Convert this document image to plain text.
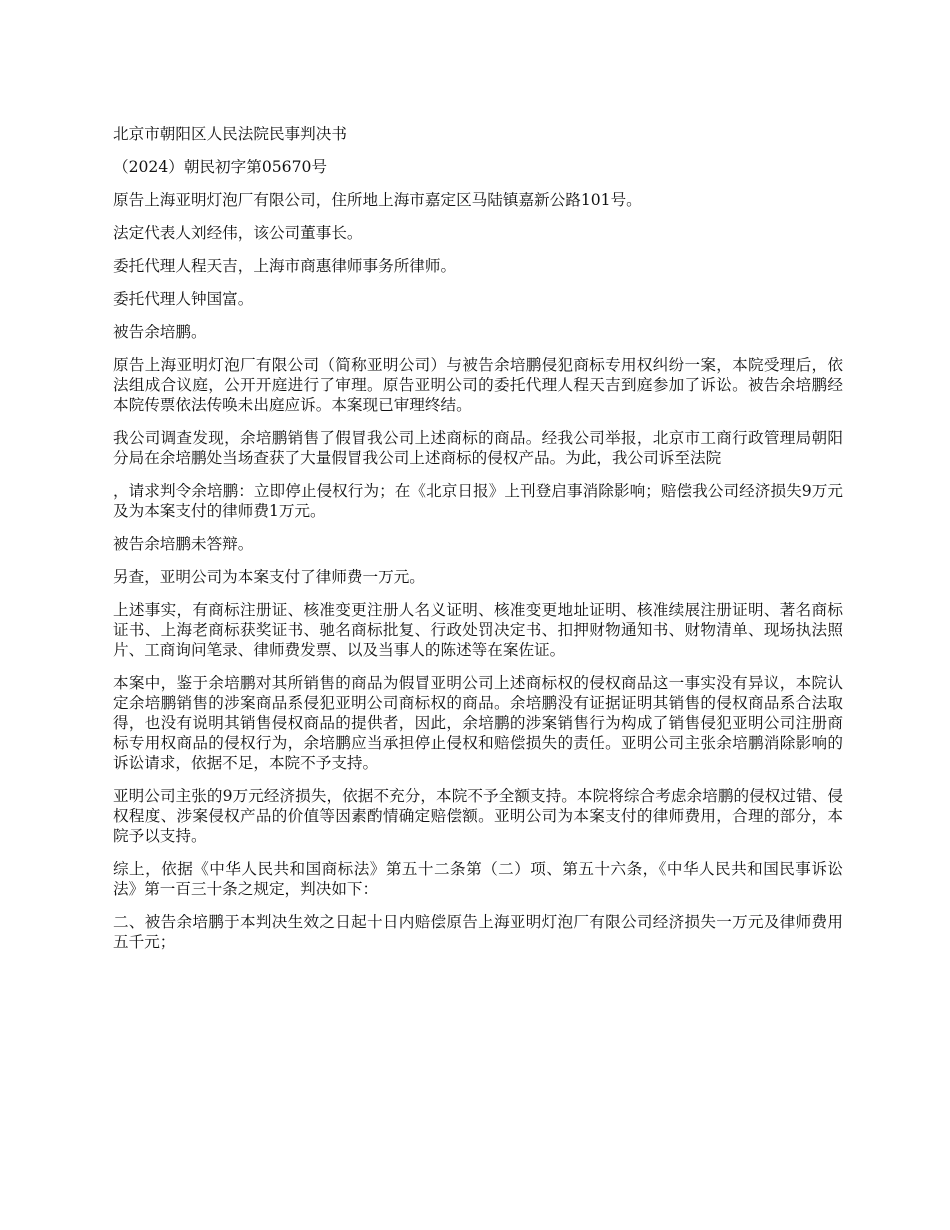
北京市朝阳区人民法院民事判决书

（2024）朝民初字第05670号

原告上海亚明灯泡厂有限公司，住所地上海市嘉定区马陆镇嘉新公路101号。

法定代表人刘经伟，该公司董事长。

委托代理人程天吉，上海市商惠律师事务所律师。

委托代理人钟国富。

被告余培鹏。

原告上海亚明灯泡厂有限公司（简称亚明公司）与被告余培鹏侵犯商标专用权纠纷一案，本院受理后，依法组成合议庭，公开开庭进行了审理。原告亚明公司的委托代理人程天吉到庭参加了诉讼。被告余培鹏经本院传票依法传唤未出庭应诉。本案现已审理终结。

我公司调查发现，余培鹏销售了假冒我公司上述商标的商品。经我公司举报，北京市工商行政管理局朝阳分局在余培鹏处当场查获了大量假冒我公司上述商标的侵权产品。为此，我公司诉至法院

，请求判令余培鹏：立即停止侵权行为；在《北京日报》上刊登启事消除影响；赔偿我公司经济损失9万元及为本案支付的律师费1万元。

被告余培鹏未答辩。

另查，亚明公司为本案支付了律师费一万元。

上述事实，有商标注册证、核准变更注册人名义证明、核准变更地址证明、核准续展注册证明、著名商标证书、上海老商标获奖证书、驰名商标批复、行政处罚决定书、扣押财物通知书、财物清单、现场执法照片、工商询问笔录、律师费发票、以及当事人的陈述等在案佐证。

本案中，鉴于余培鹏对其所销售的商品为假冒亚明公司上述商标权的侵权商品这一事实没有异议，本院认定余培鹏销售的涉案商品系侵犯亚明公司商标权的商品。余培鹏没有证据证明其销售的侵权商品系合法取得，也没有说明其销售侵权商品的提供者，因此，余培鹏的涉案销售行为构成了销售侵犯亚明公司注册商标专用权商品的侵权行为，余培鹏应当承担停止侵权和赔偿损失的责任。亚明公司主张余培鹏消除影响的诉讼请求，依据不足，本院不予支持。

亚明公司主张的9万元经济损失，依据不充分，本院不予全额支持。本院将综合考虑余培鹏的侵权过错、侵权程度、涉案侵权产品的价值等因素酌情确定赔偿额。亚明公司为本案支付的律师费用，合理的部分，本院予以支持。

综上，依据《中华人民共和国商标法》第五十二条第（二）项、第五十六条，《中华人民共和国民事诉讼法》第一百三十条之规定，判决如下：

二、被告余培鹏于本判决生效之日起十日内赔偿原告上海亚明灯泡厂有限公司经济损失一万元及律师费用五千元；
